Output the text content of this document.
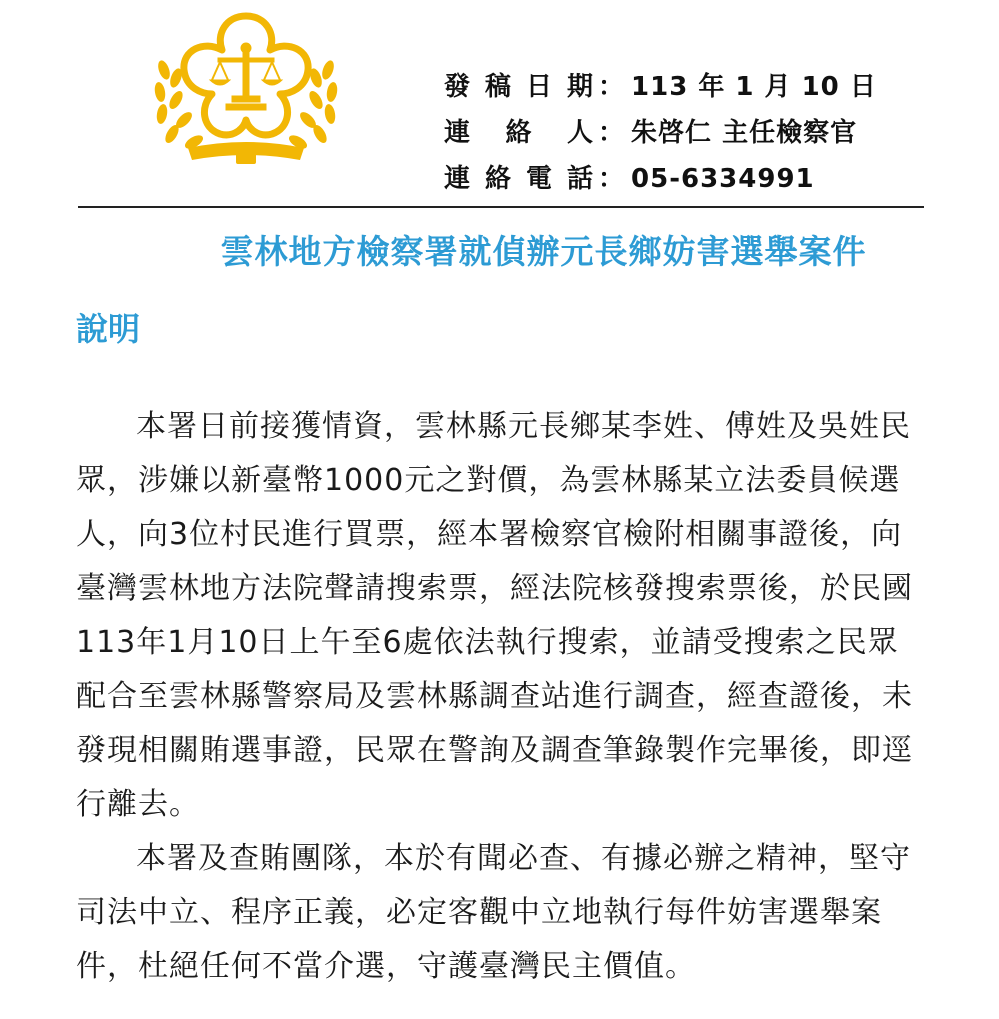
發稿日期 ： 113 年 1 月 10 日
連 絡 人 ： 朱啓仁 主任檢察官
連絡電話 ： 05-6334991
雲林地方檢察署就偵辦元長鄉妨害選舉案件
說明

本署日前接獲情資，雲林縣元長鄉某李姓、傅姓及吳姓民眾，涉嫌以新臺幣1000元之對價，為雲林縣某立法委員候選人，向3位村民進行買票，經本署檢察官檢附相關事證後，向臺灣雲林地方法院聲請搜索票，經法院核發搜索票後，於民國113年1月10日上午至6處依法執行搜索，並請受搜索之民眾配合至雲林縣警察局及雲林縣調查站進行調查，經查證後，未發現相關賄選事證，民眾在警詢及調查筆錄製作完畢後，即逕行離去。

本署及查賄團隊，本於有聞必查、有據必辦之精神，堅守司法中立、程序正義，必定客觀中立地執行每件妨害選舉案件，杜絕任何不當介選，守護臺灣民主價值。
